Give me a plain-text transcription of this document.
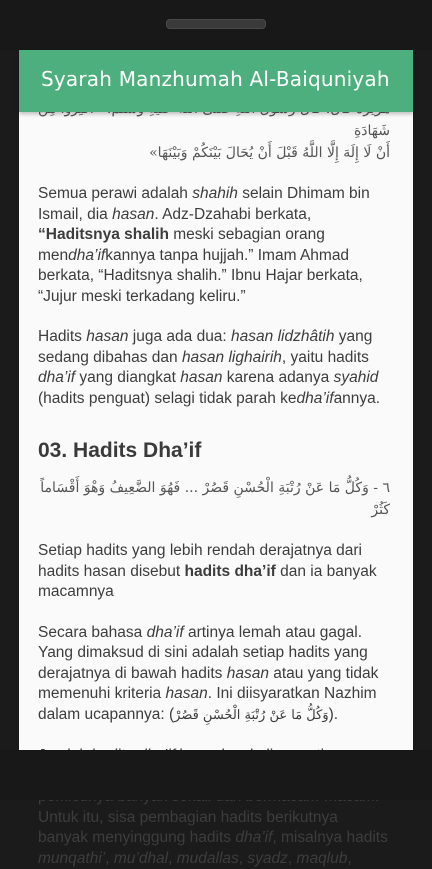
Syarah Manzhumah Al-Baiquniyah

شَهَادَةِ

أَنْ لَا إِلَهَ إِلَّا اللَّهُ قَبْلَ أَنْ يُحَالَ بَيْنَكُمْ وَبَيْنَهَا»

Semua perawi adalah shahih selain Dhimam bin Ismail, dia hasan. Adz-Dzahabi berkata, “Haditsnya shalih meski sebagian orang mendha’ifkannya tanpa hujjah.” Imam Ahmad berkata, “Haditsnya shalih.” Ibnu Hajar berkata, “Jujur meski terkadang keliru.”

Hadits hasan juga ada dua: hasan lidzhâtih yang sedang dibahas dan hasan lighairih, yaitu hadits dha’if yang diangkat hasan karena adanya syahid (hadits penguat) selagi tidak parah kedha’ifannya.

03. Hadits Dha’if

٦ - وَكُلُّ مَا عَنْ رُتْبَةِ الْحُسْنِ قَصُرْ ... فَهُوَ الضَّعِيفُ وَهْوَ أَقْسَاماً كَثُرْ

Setiap hadits yang lebih rendah derajatnya dari hadits hasan disebut hadits dha’if dan ia banyak macamnya

Secara bahasa dha’if artinya lemah atau gagal. Yang dimaksud di sini adalah setiap hadits yang derajatnya di bawah hadits hasan atau yang tidak memenuhi kriteria hasan. Ini diisyaratkan Nazhim dalam ucapannya: (وَكُلُّ مَا عَنْ رُتْبَةِ الْحُسْنِ قَصُرْ).

Untuk itu, sisa pembagian hadits berikutnya banyak menyinggung hadits dha’if, misalnya hadits munqathi’, mu’dhal, mudallas, syadz, maqlub,
